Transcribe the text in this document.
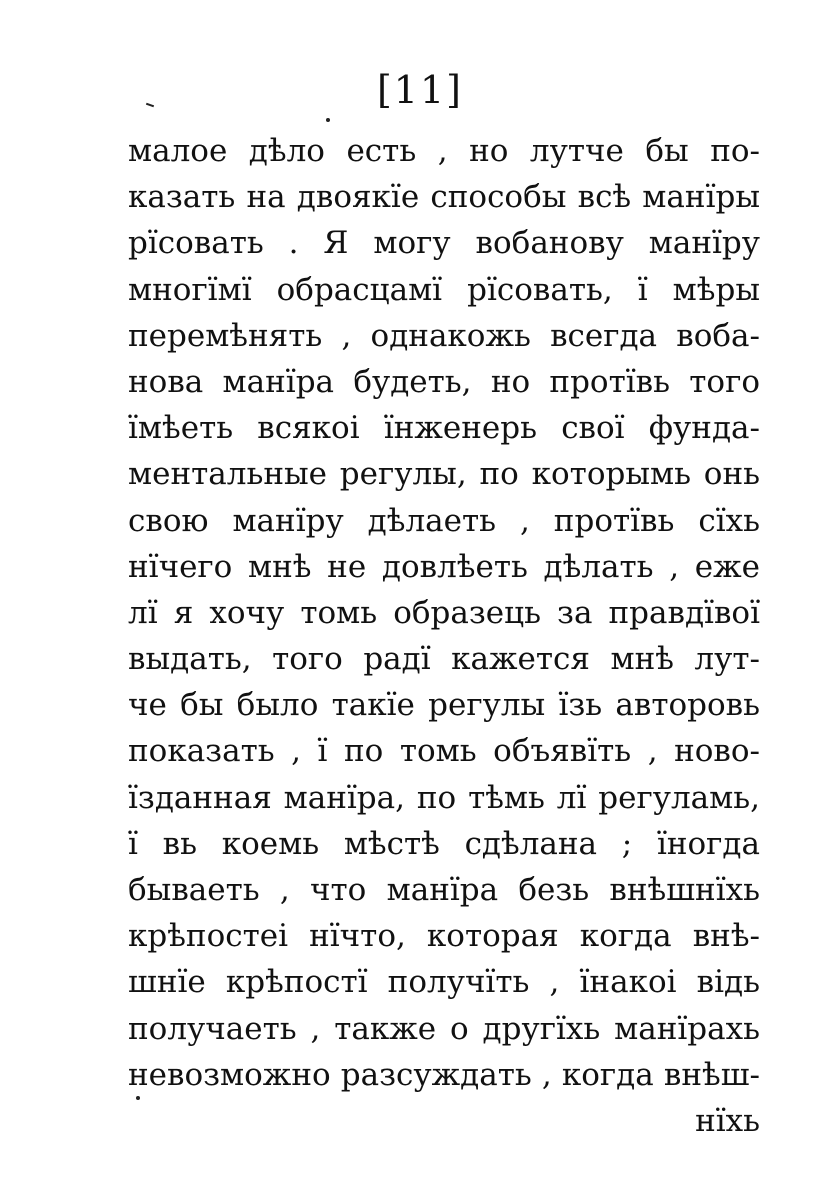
[11]
малое дѣло есть , но лутче бы по-
казать на двоякїе способы всѣ манїры
рїсовать . Я могу вобанову манїру
многїмї обрасцамї рїсовать, ї мѣры
перемѣнять , однакожь всегда воба-
нова манїра будеть, но протївь того
їмѣеть всякоi їнженерь свої фунда-
ментальные регулы, по которымь онь
свою манїру дѣлаеть , протївь сїхь
нїчего мнѣ не довлѣеть дѣлать , еже
лї я хочу томь образець за правдївої
выдать, того радї кажется мнѣ лут-
че бы было такїе регулы їзь авторовь
показать , ї по томь объявїть , ново-
їзданная манїра, по тѣмь лї регуламь,
ї вь коемь мѣстѣ сдѣлана ; їногда
бываеть , что манїра безь внѣшнїхь
крѣпостеi нїчто, которая когда внѣ-
шнїе крѣпостї получїть , їнакоi відь
получаеть , также о другїхь манїрахь
невозможно разсуждать , когда внѣш-
нїхь
